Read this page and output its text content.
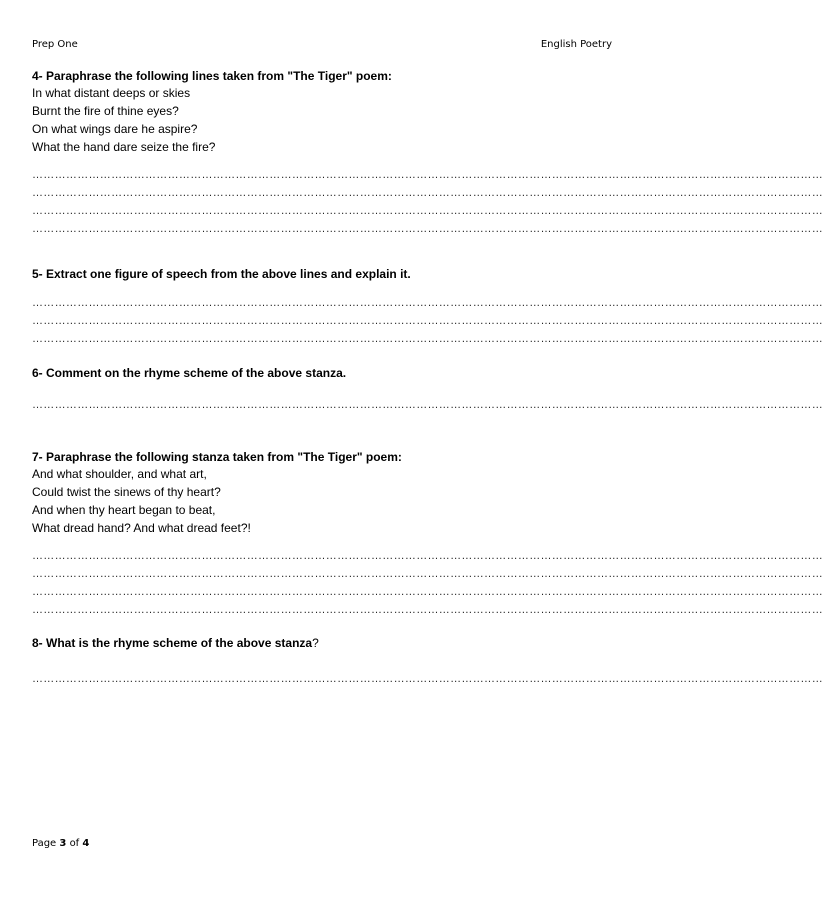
Prep One	English Poetry
4- Paraphrase the following lines taken from "The Tiger" poem:
In what distant deeps or skies
Burnt the fire of thine eyes?
On what wings dare he aspire?
What the hand dare seize the fire?
…………………………………………………………………………………………………………………………………………………………………………………………
…………………………………………………………………………………………………………………………………………………………………………………………
…………………………………………………………………………………………………………………………………………………………………………………………
…………………………………………………………………………………………………………………………………………………………………………………………
5- Extract one figure of speech from the above lines and explain it.
…………………………………………………………………………………………………………………………………………………………………………………………
…………………………………………………………………………………………………………………………………………………………………………………………
…………………………………………………………………………………………………………………………………………………………………………………………
6- Comment on the rhyme scheme of the above stanza.
…………………………………………………………………………………………………………………………………………………………………………………………
7- Paraphrase the following stanza taken from "The Tiger" poem:
And what shoulder, and what art,
Could twist the sinews of thy heart?
And when thy heart began to beat,
What dread hand? And what dread feet?!
…………………………………………………………………………………………………………………………………………………………………………………………
…………………………………………………………………………………………………………………………………………………………………………………………
…………………………………………………………………………………………………………………………………………………………………………………………
…………………………………………………………………………………………………………………………………………………………………………………………
8- What is the rhyme scheme of the above stanza?
…………………………………………………………………………………………………………………………………………………………………………………………
Page 3 of 4
